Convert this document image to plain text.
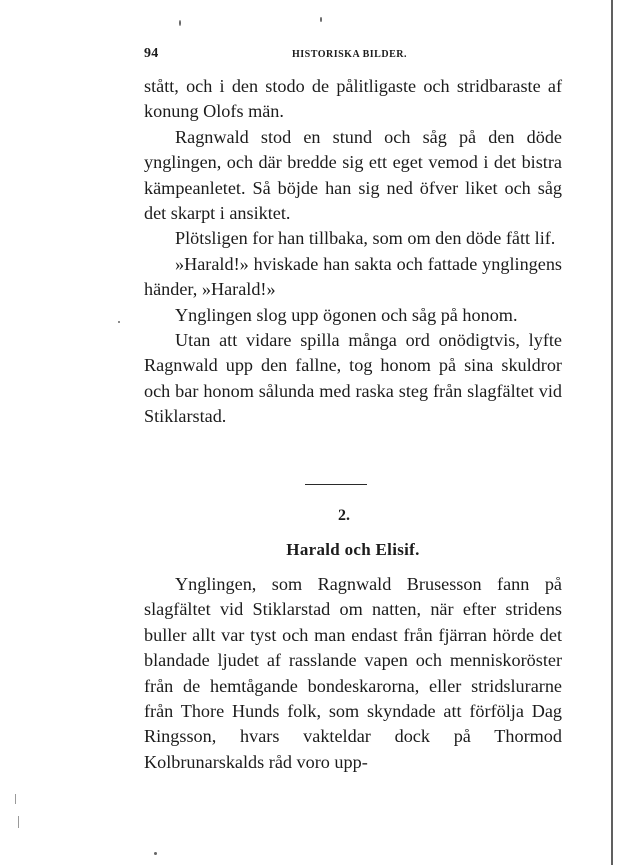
94	HISTORISKA BILDER.

stått, och i den stodo de pålitligaste och stridbaraste af konung Olofs män.

Ragnwald stod en stund och såg på den döde ynglingen, och där bredde sig ett eget vemod i det bistra kämpeanletet. Så böjde han sig ned öfver liket och såg det skarpt i ansiktet.

Plötsligen for han tillbaka, som om den döde fått lif.

»Harald!» hviskade han sakta och fattade ynglingens händer, »Harald!»

Ynglingen slog upp ögonen och såg på honom.

Utan att vidare spilla många ord onödigtvis, lyfte Ragnwald upp den fallne, tog honom på sina skuldror och bar honom sålunda med raska steg från slagfältet vid Stiklarstad.

2.
Harald och Elisif.

Ynglingen, som Ragnwald Brusesson fann på slagfältet vid Stiklarstad om natten, när efter stridens buller allt var tyst och man endast från fjärran hörde det blandade ljudet af rasslande vapen och menniskoröster från de hemtågande bondeskarorna, eller stridslurarne från Thore Hunds folk, som skyndade att förfölja Dag Ringsson, hvars vakteldar dock på Thormod Kolbrunarskalds råd voro upp-
